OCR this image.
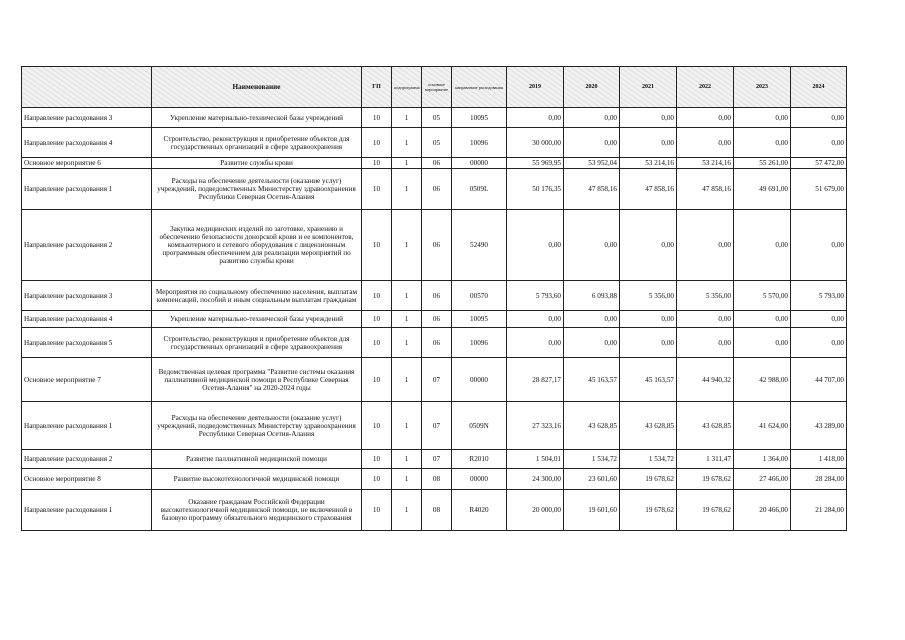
	Наименование	ГП	подпрограмма	основное мероприятие	направление расходования	2019	2020	2021	2022	2023	2024
Направление расходования 3	Укрепление материально-технической базы учреждений	10	1	05	10095	0,00	0,00	0,00	0,00	0,00	0,00
Направление расходования 4	Строительство, реконструкция и приобретение объектов для государственных организаций в сфере здравоохранения	10	1	05	10096	30 000,00	0,00	0,00	0,00	0,00	0,00
Основное мероприятие 6	Развитие службы крови	10	1	06	00000	55 969,95	53 952,04	53 214,16	53 214,16	55 261,00	57 472,00
Направление расходования 1	Расходы на обеспечение деятельности (оказание услуг) учреждений, подведомственных Министерству здравоохранения Республики Северная Осетия-Алания	10	1	06	0509L	50 176,35	47 858,16	47 858,16	47 858,16	49 691,00	51 679,00
Направление расходования 2	Закупка медицинских изделий по заготовке, хранению и обеспечению безопасности донорской крови и ее компонентов, компьютерного и сетевого оборудования с лицензионным программным обеспечением для реализации мероприятий по развитию службы крови	10	1	06	52490	0,00	0,00	0,00	0,00	0,00	0,00
Направление расходования 3	Мероприятия по социальному обеспечению населения, выплатам компенсаций, пособий и иным социальным выплатам гражданам	10	1	06	00570	5 793,60	6 093,88	5 356,00	5 356,00	5 570,00	5 793,00
Направление расходования 4	Укрепление материально-технической базы учреждений	10	1	06	10095	0,00	0,00	0,00	0,00	0,00	0,00
Направление расходования 5	Строительство, реконструкция и приобретение объектов для государственных организаций в сфере здравоохранения	10	1	06	10096	0,00	0,00	0,00	0,00	0,00	0,00
Основное мероприятие 7	Ведомственная целевая программа "Развитие системы оказания паллиативной медицинской помощи в Республике Северная Осетия-Алания" на 2020-2024 годы	10	1	07	00000	28 827,17	45 163,57	45 163,57	44 940,32	42 988,00	44 707,00
Направление расходования 1	Расходы на обеспечение деятельности (оказание услуг) учреждений, подведомственных Министерству здравоохранения Республики Северная Осетия-Алания	10	1	07	0509N	27 323,16	43 628,85	43 628,85	43 628,85	41 624,00	43 289,00
Направление расходования 2	Развитие паллиативной медицинской помощи	10	1	07	R2010	1 504,01	1 534,72	1 534,72	1 311,47	1 364,00	1 418,00
Основное мероприятие 8	Развитие высокотехнологичной медицинской помощи	10	1	08	00000	24 300,00	23 601,60	19 678,62	19 678,62	27 466,00	28 284,00
Направление расходования 1	Оказание гражданам Российской Федерации высокотехнологичной медицинской помощи, не включенной в базовую программу обязательного медицинского страхования	10	1	08	R4020	20 000,00	19 601,60	19 678,62	19 678,62	20 466,00	21 284,00
